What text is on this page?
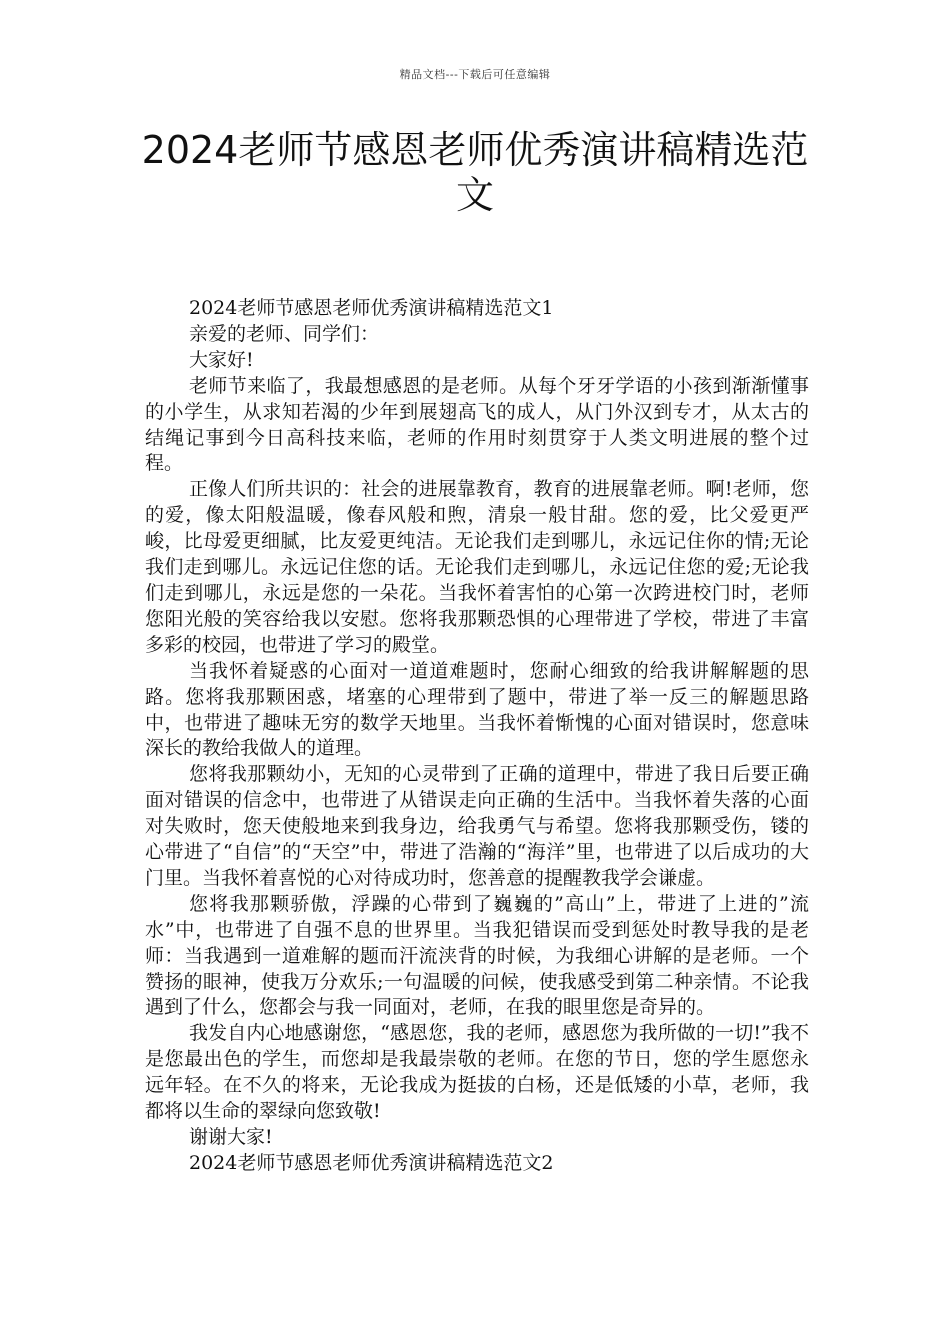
精品文档---下载后可任意编辑
2024老师节感恩老师优秀演讲稿精选范文

2024老师节感恩老师优秀演讲稿精选范文1

亲爱的老师、同学们：

大家好!

老师节来临了，我最想感恩的是老师。从每个牙牙学语的小孩到渐渐懂事的小学生，从求知若渴的少年到展翅高飞的成人，从门外汉到专才，从太古的结绳记事到今日高科技来临，老师的作用时刻贯穿于人类文明进展的整个过程。

正像人们所共识的：社会的进展靠教育，教育的进展靠老师。啊!老师，您的爱，像太阳般温暖，像春风般和煦，清泉一般甘甜。您的爱，比父爱更严峻，比母爱更细腻，比友爱更纯洁。无论我们走到哪儿，永远记住你的情;无论我们走到哪儿。永远记住您的话。无论我们走到哪儿，永远记住您的爱;无论我们走到哪儿，永远是您的一朵花。当我怀着害怕的心第一次跨进校门时，老师您阳光般的笑容给我以安慰。您将我那颗恐惧的心理带进了学校，带进了丰富多彩的校园，也带进了学习的殿堂。

当我怀着疑惑的心面对一道道难题时，您耐心细致的给我讲解解题的思路。您将我那颗困惑，堵塞的心理带到了题中，带进了举一反三的解题思路中，也带进了趣味无穷的数学天地里。当我怀着惭愧的心面对错误时，您意味深长的教给我做人的道理。

您将我那颗幼小，无知的心灵带到了正确的道理中，带进了我日后要正确面对错误的信念中，也带进了从错误走向正确的生活中。当我怀着失落的心面对失败时，您天使般地来到我身边，给我勇气与希望。您将我那颗受伤，镂的心带进了“自信”的“天空”中，带进了浩瀚的“海洋”里，也带进了以后成功的大门里。当我怀着喜悦的心对待成功时，您善意的提醒教我学会谦虚。

您将我那颗骄傲，浮躁的心带到了巍巍的”高山”上，带进了上进的”流水”中，也带进了自强不息的世界里。当我犯错误而受到惩处时教导我的是老师：当我遇到一道难解的题而汗流浃背的时候，为我细心讲解的是老师。一个赞扬的眼神，使我万分欢乐;一句温暖的问候，使我感受到第二种亲情。不论我遇到了什么，您都会与我一同面对，老师，在我的眼里您是奇异的。

我发自内心地感谢您，“感恩您，我的老师，感恩您为我所做的一切!”我不是您最出色的学生，而您却是我最崇敬的老师。在您的节日，您的学生愿您永远年轻。在不久的将来，无论我成为挺拔的白杨，还是低矮的小草，老师，我都将以生命的翠绿向您致敬!

谢谢大家!

2024老师节感恩老师优秀演讲稿精选范文2
